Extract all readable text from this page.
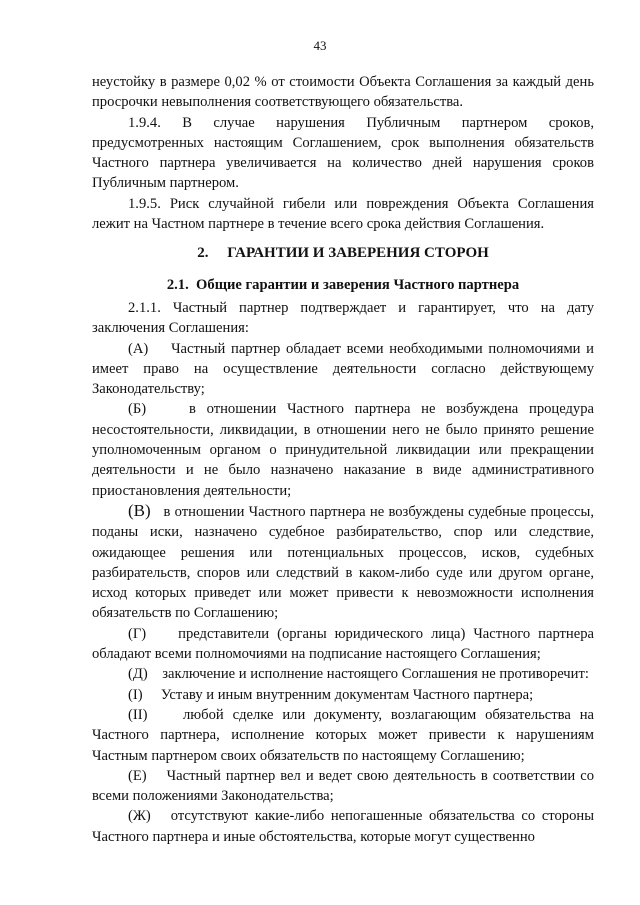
43

неустойку в размере 0,02 % от стоимости Объекта Соглашения за каждый день просрочки невыполнения соответствующего обязательства.

1.9.4. В случае нарушения Публичным партнером сроков, предусмотренных настоящим Соглашением, срок выполнения обязательств Частного партнера увеличивается на количество дней нарушения сроков Публичным партнером.

1.9.5. Риск случайной гибели или повреждения Объекта Соглашения лежит на Частном партнере в течение всего срока действия Соглашения.

2. ГАРАНТИИ И ЗАВЕРЕНИЯ СТОРОН

2.1. Общие гарантии и заверения Частного партнера

2.1.1. Частный партнер подтверждает и гарантирует, что на дату заключения Соглашения:

(А) Частный партнер обладает всеми необходимыми полномочиями и имеет право на осуществление деятельности согласно действующему Законодательству;

(Б)	в отношении Частного партнера не возбуждена процедура несостоятельности, ликвидации, в отношении него не было принято решение уполномоченным органом о принудительной ликвидации или прекращении деятельности и не было назначено наказание в виде административного приостановления деятельности;

(В) в отношении Частного партнера не возбуждены судебные процессы, поданы иски, назначено судебное разбирательство, спор или следствие, ожидающее решения или потенциальных процессов, исков, судебных разбирательств, споров или следствий в каком-либо суде или другом органе, исход которых приведет или может привести к невозможности исполнения обязательств по Соглашению;

(Г) представители (органы юридического лица) Частного партнера обладают всеми полномочиями на подписание настоящего Соглашения;

(Д) заключение и исполнение настоящего Соглашения не противоречит:

(I) Уставу и иным внутренним документам Частного партнера;

(II) любой сделке или документу, возлагающим обязательства на Частного партнера, исполнение которых может привести к нарушениям Частным партнером своих обязательств по настоящему Соглашению;

(Е) Частный партнер вел и ведет свою деятельность в соответствии со всеми положениями Законодательства;

(Ж) отсутствуют какие-либо непогашенные обязательства со стороны Частного партнера и иные обстоятельства, которые могут существенно
